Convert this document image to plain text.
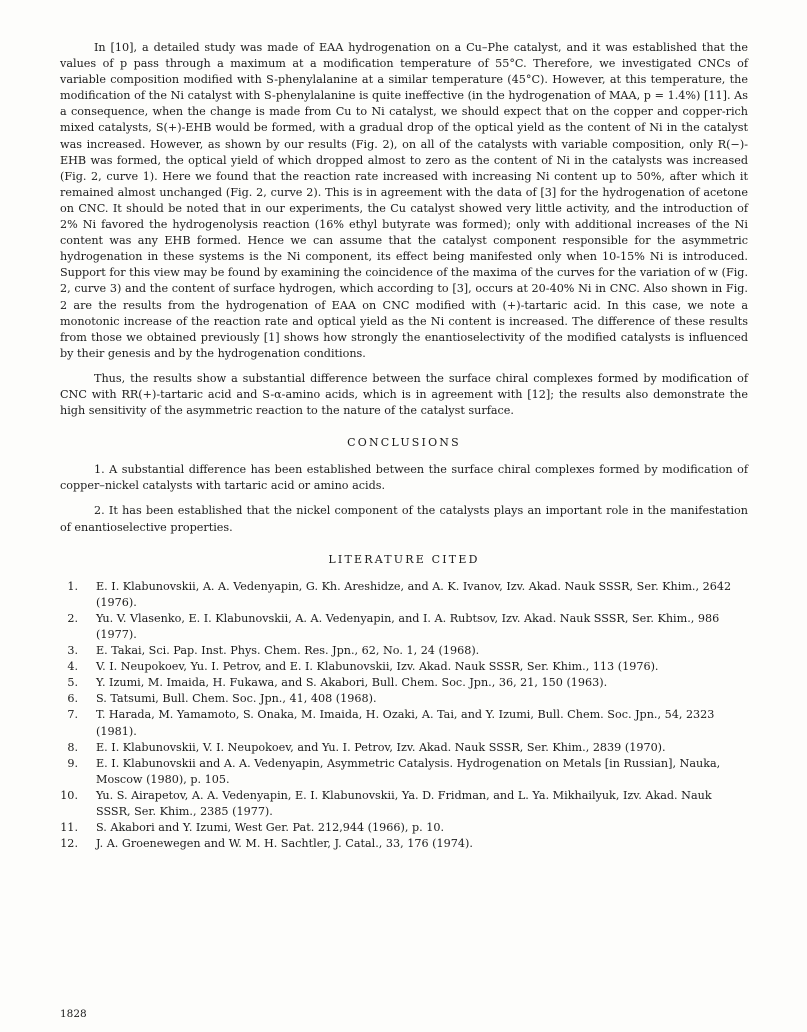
In [10], a detailed study was made of EAA hydrogenation on a Cu–Phe catalyst, and it was established that the values of p pass through a maximum at a modification temperature of 55°C. Therefore, we investigated CNCs of variable composition modified with S-phenylalanine at a similar temperature (45°C). However, at this temperature, the modification of the Ni catalyst with S-phenylalanine is quite ineffective (in the hydrogenation of MAA, p = 1.4%) [11]. As a consequence, when the change is made from Cu to Ni catalyst, we should expect that on the copper and copper-rich mixed catalysts, S(+)-EHB would be formed, with a gradual drop of the optical yield as the content of Ni in the catalyst was increased. However, as shown by our results (Fig. 2), on all of the catalysts with variable composition, only R(−)-EHB was formed, the optical yield of which dropped almost to zero as the content of Ni in the catalysts was increased (Fig. 2, curve 1). Here we found that the reaction rate increased with increasing Ni content up to 50%, after which it remained almost unchanged (Fig. 2, curve 2). This is in agreement with the data of [3] for the hydrogenation of acetone on CNC. It should be noted that in our experiments, the Cu catalyst showed very little activity, and the introduction of 2% Ni favored the hydrogenolysis reaction (16% ethyl butyrate was formed); only with additional increases of the Ni content was any EHB formed. Hence we can assume that the catalyst component responsible for the asymmetric hydrogenation in these systems is the Ni component, its effect being manifested only when 10-15% Ni is introduced. Support for this view may be found by examining the coincidence of the maxima of the curves for the variation of w (Fig. 2, curve 3) and the content of surface hydrogen, which according to [3], occurs at 20-40% Ni in CNC. Also shown in Fig. 2 are the results from the hydrogenation of EAA on CNC modified with (+)-tartaric acid. In this case, we note a monotonic increase of the reaction rate and optical yield as the Ni content is increased. The difference of these results from those we obtained previously [1] shows how strongly the enantioselectivity of the modified catalysts is influenced by their genesis and by the hydrogenation conditions.

Thus, the results show a substantial difference between the surface chiral complexes formed by modification of CNC with RR(+)-tartaric acid and S-α-amino acids, which is in agreement with [12]; the results also demonstrate the high sensitivity of the asymmetric reaction to the nature of the catalyst surface.

CONCLUSIONS

1. A substantial difference has been established between the surface chiral complexes formed by modification of copper–nickel catalysts with tartaric acid or amino acids.

2. It has been established that the nickel component of the catalysts plays an important role in the manifestation of enantioselective properties.

LITERATURE CITED
1 .	E. I. Klabunovskii, A. A. Vedenyapin, G. Kh. Areshidze, and A. K. Ivanov, Izv. Akad. Nauk SSSR, Ser. Khim., 2642 (1976).
2 .	Yu. V. Vlasenko, E. I. Klabunovskii, A. A. Vedenyapin, and I. A. Rubtsov, Izv. Akad. Nauk SSSR, Ser. Khim., 986 (1977).
3 .	E. Takai, Sci. Pap. Inst. Phys. Chem. Res. Jpn., 62, No. 1, 24 (1968).
4 .	V. I. Neupokoev, Yu. I. Petrov, and E. I. Klabunovskii, Izv. Akad. Nauk SSSR, Ser. Khim., 113 (1976).
5 .	Y. Izumi, M. Imaida, H. Fukawa, and S. Akabori, Bull. Chem. Soc. Jpn., 36, 21, 150 (1963).
6 .	S. Tatsumi, Bull. Chem. Soc. Jpn., 41, 408 (1968).
7 .	T. Harada, M. Yamamoto, S. Onaka, M. Imaida, H. Ozaki, A. Tai, and Y. Izumi, Bull. Chem. Soc. Jpn., 54, 2323 (1981).
8 .	E. I. Klabunovskii, V. I. Neupokoev, and Yu. I. Petrov, Izv. Akad. Nauk SSSR, Ser. Khim., 2839 (1970).
9 .	E. I. Klabunovskii and A. A. Vedenyapin, Asymmetric Catalysis. Hydrogenation on Metals [in Russian], Nauka, Moscow (1980), p. 105.
10 .	Yu. S. Airapetov, A. A. Vedenyapin, E. I. Klabunovskii, Ya. D. Fridman, and L. Ya. Mikhailyuk, Izv. Akad. Nauk SSSR, Ser. Khim., 2385 (1977).
11 .	S. Akabori and Y. Izumi, West Ger. Pat. 212,944 (1966), p. 10.
12 .	J. A. Groenewegen and W. M. H. Sachtler, J. Catal., 33, 176 (1974).
1828
